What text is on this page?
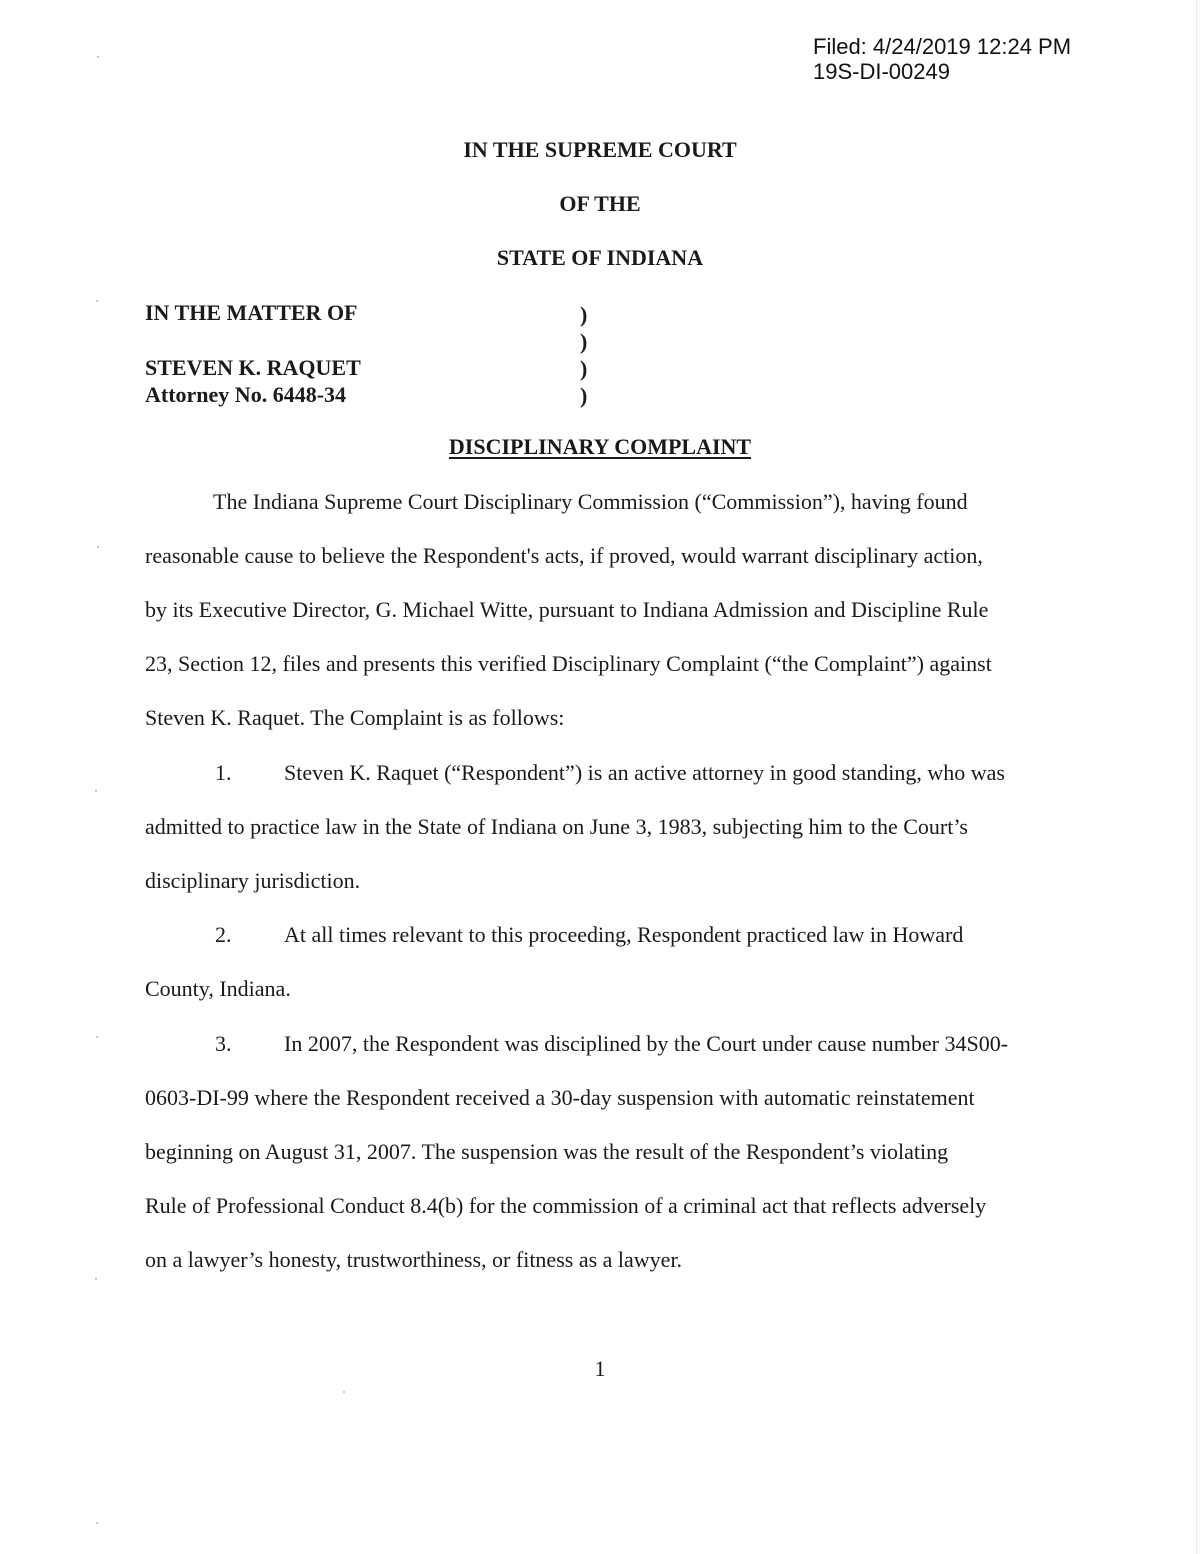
Filed: 4/24/2019 12:24 PM
19S-DI-00249
IN THE SUPREME COURT
OF THE
STATE OF INDIANA
IN THE MATTER OF
STEVEN K. RAQUET
Attorney No. 6448-34
)
)
)
)
DISCIPLINARY COMPLAINT
The Indiana Supreme Court Disciplinary Commission (“Commission”), having found
reasonable cause to believe the Respondent's acts, if proved, would warrant disciplinary action,
by its Executive Director, G. Michael Witte, pursuant to Indiana Admission and Discipline Rule
23, Section 12, files and presents this verified Disciplinary Complaint (“the Complaint”) against
Steven K. Raquet. The Complaint is as follows:
1. Steven K. Raquet (“Respondent”) is an active attorney in good standing, who was
admitted to practice law in the State of Indiana on June 3, 1983, subjecting him to the Court’s
disciplinary jurisdiction.
2. At all times relevant to this proceeding, Respondent practiced law in Howard
County, Indiana.
3. In 2007, the Respondent was disciplined by the Court under cause number 34S00-
0603-DI-99 where the Respondent received a 30-day suspension with automatic reinstatement
beginning on August 31, 2007. The suspension was the result of the Respondent’s violating
Rule of Professional Conduct 8.4(b) for the commission of a criminal act that reflects adversely
on a lawyer’s honesty, trustworthiness, or fitness as a lawyer.
1
